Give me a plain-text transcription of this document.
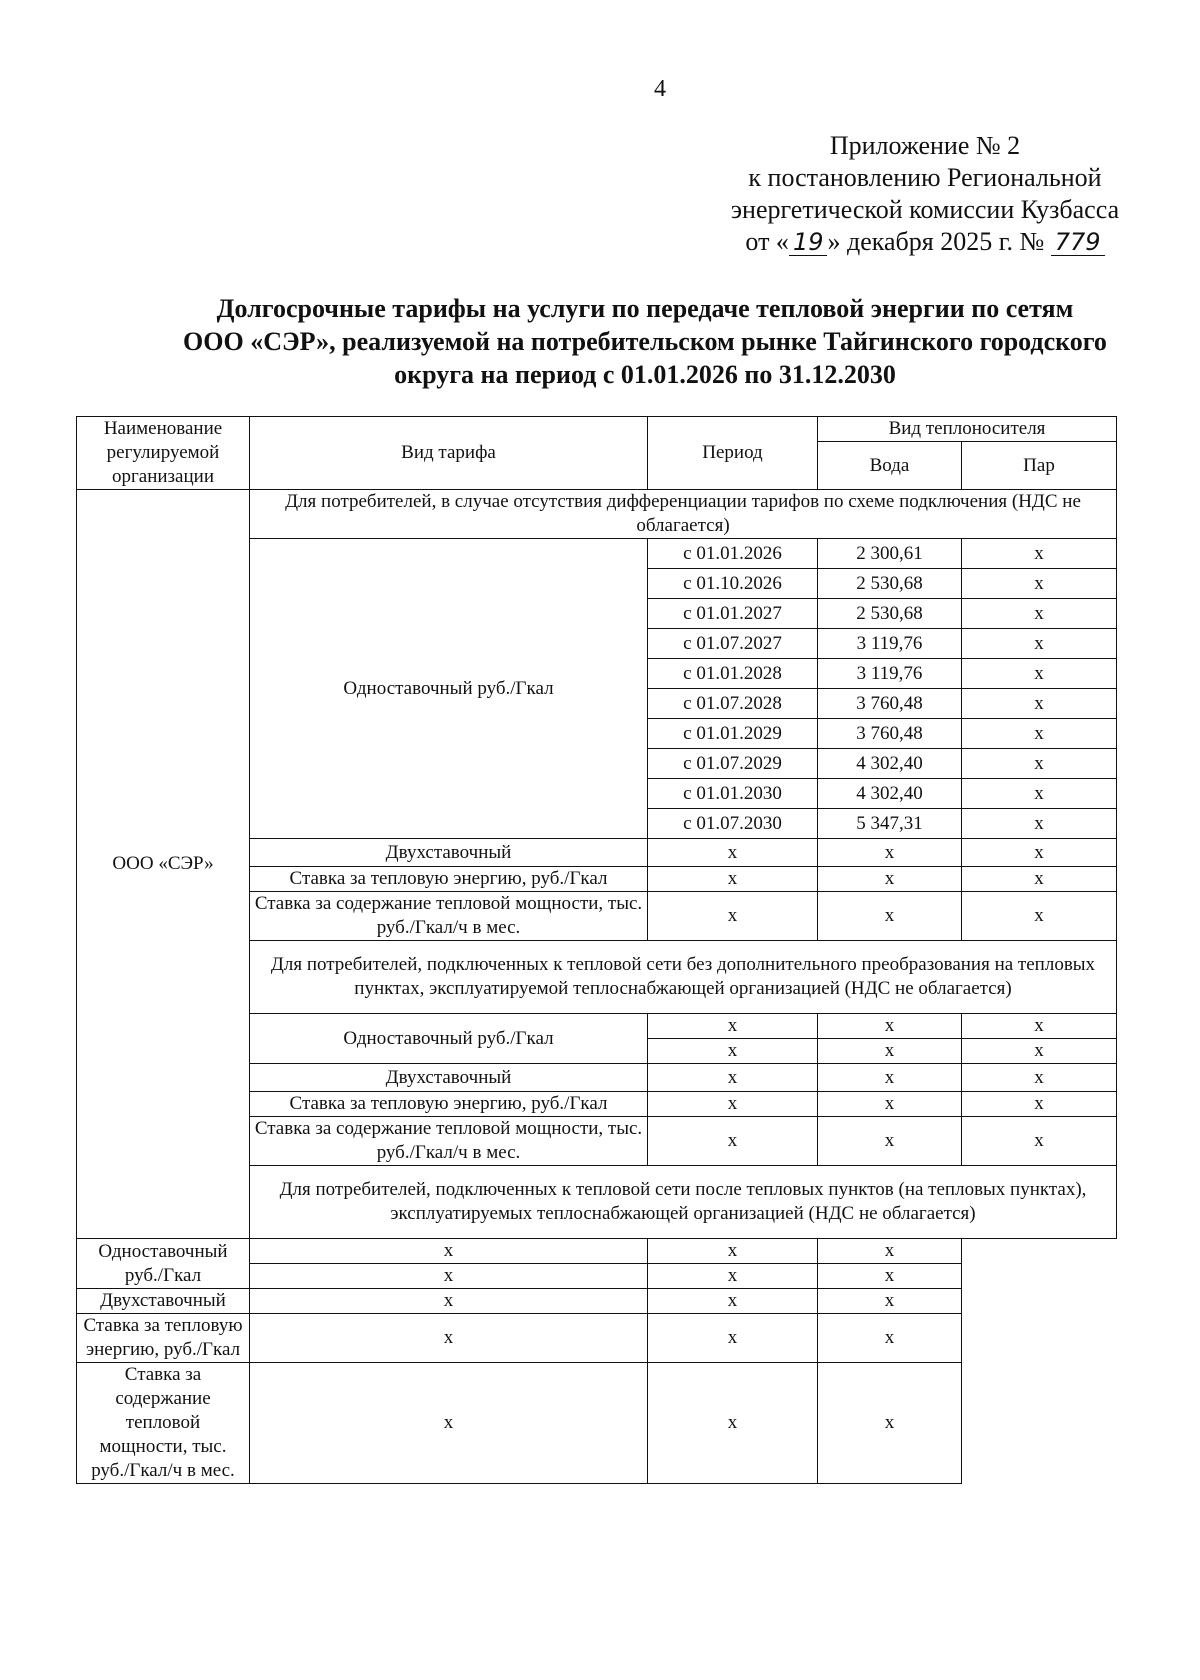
4
Приложение № 2
к постановлению Региональной
энергетической комиссии Кузбасса
от « 19 » декабря 2025 г. № 779
Долгосрочные тарифы на услуги по передаче тепловой энергии по сетям
ООО «СЭР», реализуемой на потребительском рынке Тайгинского городского
округа на период с 01.01.2026 по 31.12.2030
Наименование регулируемой организации	Вид тарифа	Период	Вид теплоносителя	
			Вода	Пар
ООО «СЭР»	Для потребителей, в случае отсутствия дифференциации тарифов по схеме подключения (НДС не облагается)			
	Одноставочный руб./Гкал	с 01.01.2026	2 300,61	х
		с 01.10.2026	2 530,68	х
		с 01.01.2027	2 530,68	х
		с 01.07.2027	3 119,76	х
		с 01.01.2028	3 119,76	х
		с 01.07.2028	3 760,48	х
		с 01.01.2029	3 760,48	х
		с 01.07.2029	4 302,40	х
		с 01.01.2030	4 302,40	х
		с 01.07.2030	5 347,31	х
	Двухставочный	х	х	х
	Ставка за тепловую энергию, руб./Гкал	х	х	х
	Ставка за содержание тепловой мощности, тыс. руб./Гкал/ч в мес.	х	х	х
	Для потребителей, подключенных к тепловой сети без дополнительного преобразования на тепловых пунктах, эксплуатируемой теплоснабжающей организацией (НДС не облагается)			
	Одноставочный руб./Гкал	х	х	х
		х	х	х
	Двухставочный	х	х	х
	Ставка за тепловую энергию, руб./Гкал	х	х	х
	Ставка за содержание тепловой мощности, тыс. руб./Гкал/ч в мес.	х	х	х
	Для потребителей, подключенных к тепловой сети после тепловых пунктов (на тепловых пунктах), эксплуатируемых теплоснабжающей организацией (НДС не облагается)			
Одноставочный руб./Гкал	х	х	х	
	х	х	х	
Двухставочный	х	х	х	
Ставка за тепловую энергию, руб./Гкал	х	х	х	
Ставка за содержание тепловой мощности, тыс. руб./Гкал/ч в мес.	х	х	х	
